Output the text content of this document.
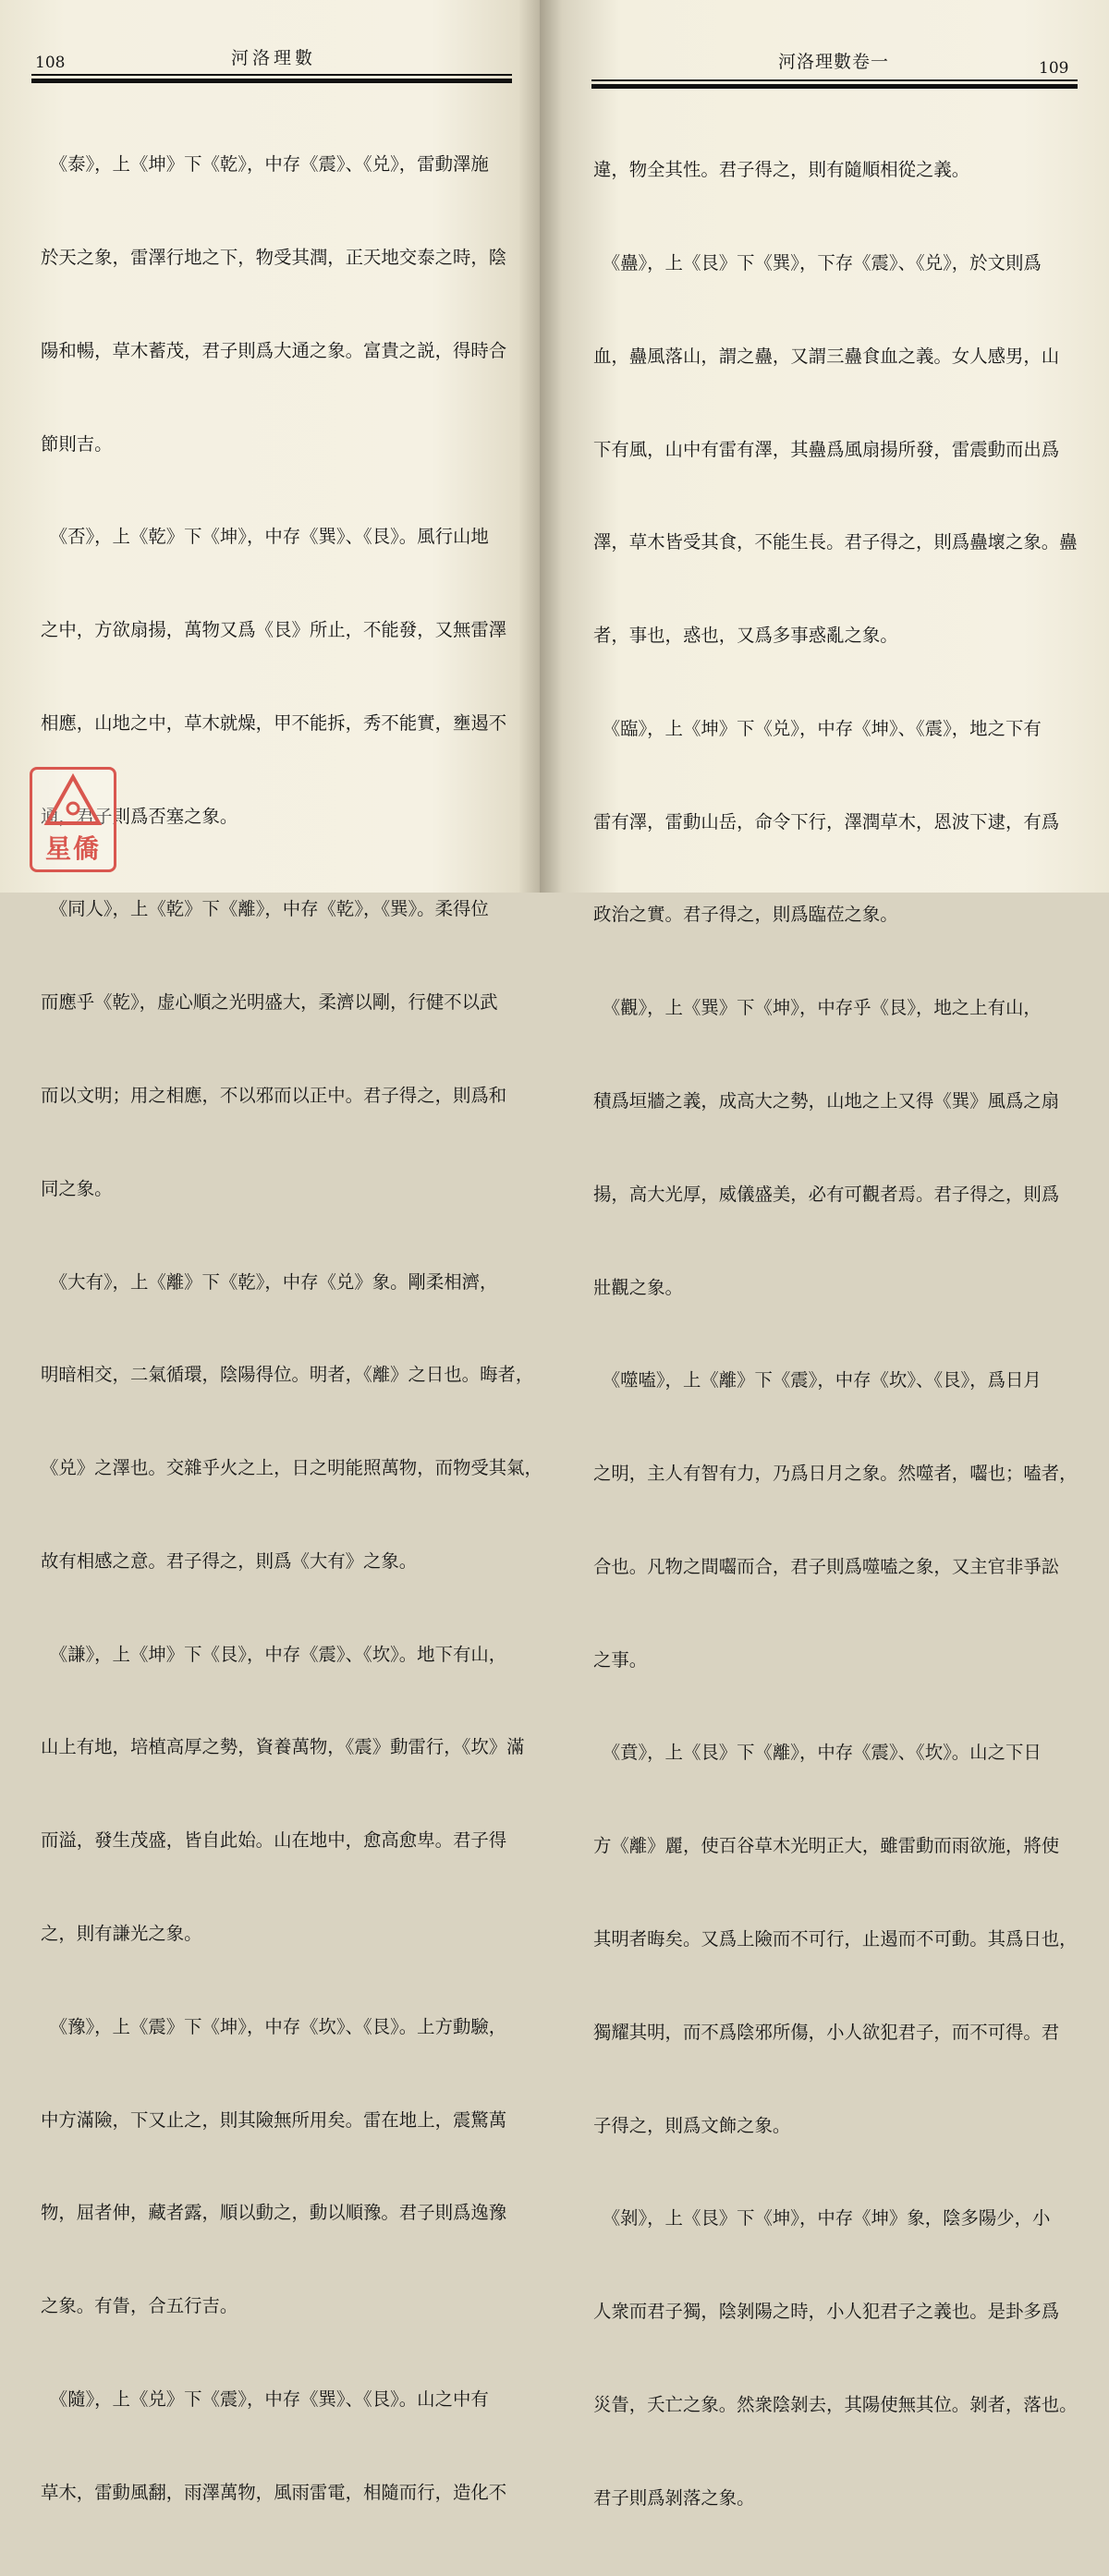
108	河洛理數

　《泰》，上《坤》下《乾》，中存《震》、《兑》，雷動澤施

於天之象，雷澤行地之下，物受其潤，正天地交泰之時，陰

陽和暢，草木蓄茂，君子則爲大通之象。富貴之説，得時合

節則吉。

　《否》，上《乾》下《坤》，中存《巽》、《艮》。風行山地

之中，方欲扇揚，萬物又爲《艮》所止，不能發，又無雷澤

相應，山地之中，草木就燥，甲不能拆，秀不能實，壅遏不

通，君子則爲否塞之象。

　《同人》，上《乾》下《離》，中存《乾》，《巽》。柔得位

而應乎《乾》，虚心順之光明盛大，柔濟以剛，行健不以武

而以文明；用之相應，不以邪而以正中。君子得之，則爲和

同之象。

　《大有》，上《離》下《乾》，中存《兑》象。剛柔相濟，

明暗相交，二氣循環，陰陽得位。明者，《離》之日也。晦者，

《兑》之澤也。交雜乎火之上，日之明能照萬物，而物受其氣，

故有相感之意。君子得之，則爲《大有》之象。

　《謙》，上《坤》下《艮》，中存《震》、《坎》。地下有山，

山上有地，培植高厚之勢，資養萬物，《震》動雷行，《坎》滿

而溢，發生茂盛，皆自此始。山在地中，愈高愈卑。君子得

之，則有謙光之象。

　《豫》，上《震》下《坤》，中存《坎》、《艮》。上方動驗，

中方滿險，下又止之，則其險無所用矣。雷在地上，震驚萬

物，屈者伸，藏者露，順以動之，動以順豫。君子則爲逸豫

之象。有眚，合五行吉。

　《隨》，上《兑》下《震》，中存《巽》、《艮》。山之中有

草木，雷動風翻，雨澤萬物，風雨雷電，相隨而行，造化不

河洛理數卷一	109

違，物全其性。君子得之，則有隨順相從之義。

　《蠱》，上《艮》下《巽》，下存《震》、《兑》，於文則爲

血，蠱風落山，謂之蠱，又謂三蠱食血之義。女人感男，山

下有風，山中有雷有澤，其蠱爲風扇揚所發，雷震動而出爲

澤，草木皆受其食，不能生長。君子得之，則爲蠱壞之象。蠱

者，事也，惑也，又爲多事惑亂之象。

　《臨》，上《坤》下《兑》，中存《坤》、《震》，地之下有

雷有澤，雷動山岳，命令下行，澤潤草木，恩波下逮，有爲

政治之實。君子得之，則爲臨莅之象。

　《觀》，上《巽》下《坤》，中存乎《艮》，地之上有山，

積爲垣牆之義，成高大之勢，山地之上又得《巽》風爲之扇

揚，高大光厚，威儀盛美，必有可觀者焉。君子得之，則爲

壯觀之象。

　《噬嗑》，上《離》下《震》，中存《坎》、《艮》，爲日月

之明，主人有智有力，乃爲日月之象。然噬者，囓也；嗑者，

合也。凡物之間囓而合，君子則爲噬嗑之象，又主官非爭訟

之事。

　《賁》，上《艮》下《離》，中存《震》、《坎》。山之下日

方《離》麗，使百谷草木光明正大，雖雷動而雨欲施，將使

其明者晦矣。又爲上險而不可行，止遏而不可動。其爲日也，

獨耀其明，而不爲陰邪所傷，小人欲犯君子，而不可得。君

子得之，則爲文飾之象。

　《剝》，上《艮》下《坤》，中存《坤》象，陰多陽少，小

人衆而君子獨，陰剝陽之時，小人犯君子之義也。是卦多爲

災眚，夭亡之象。然衆陰剝去，其陽使無其位。剝者，落也。

君子則爲剝落之象。

星僑
